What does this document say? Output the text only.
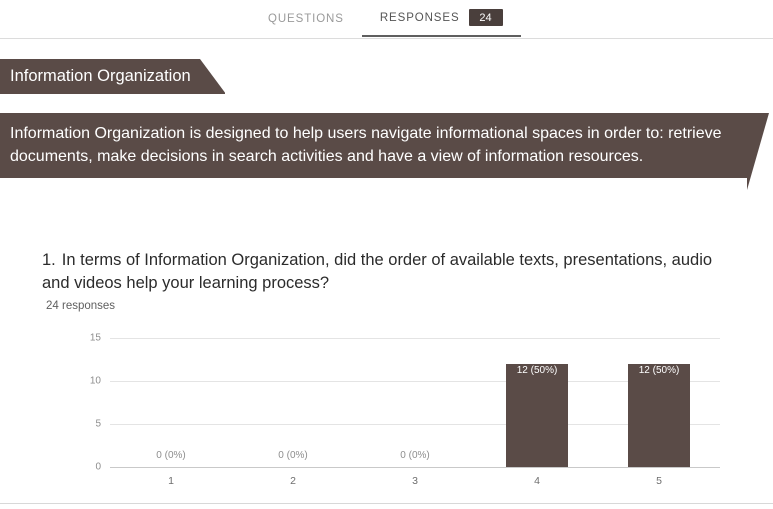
QUESTIONS	RESPONSES	24
Information Organization
Information Organization is designed to help users navigate informational spaces in order to: retrieve documents, make decisions in search activities and have a view of information resources.
1. In terms of Information Organization, did the order of available texts, presentations, audio and videos help your learning process?
24 responses
15
10
5
0
0 (0%)
1
0 (0%)
2
0 (0%)
3
12 (50%)
4
12 (50%)
5
